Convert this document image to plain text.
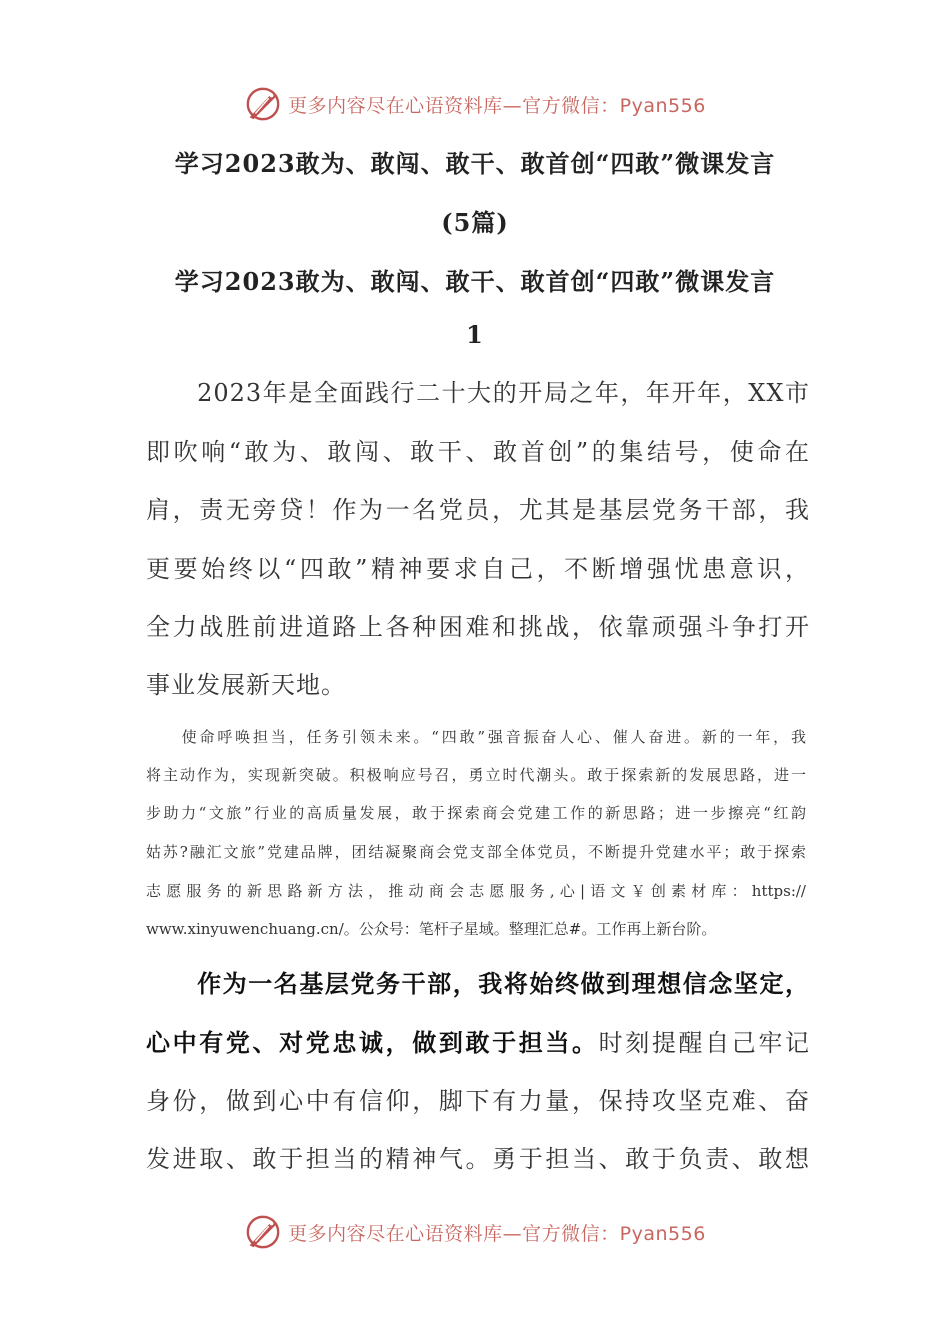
更多内容尽在心语资料库—官方微信：Pyan556
学习2023敢为、敢闯、敢干、敢首创“四敢”微课发言
(5篇)
学习2023敢为、敢闯、敢干、敢首创“四敢”微课发言
1
　　2023年是全面践行二十大的开局之年，年开年，XX市
即吹响“敢为、敢闯、敢干、敢首创”的集结号，使命在
肩，责无旁贷！作为一名党员，尤其是基层党务干部，我
更要始终以“四敢”精神要求自己，不断增强忧患意识，
全力战胜前进道路上各种困难和挑战，依靠顽强斗争打开
事业发展新天地。
　　使命呼唤担当，任务引领未来。“四敢”强音振奋人心、催人奋进。新的一年，我
将主动作为，实现新突破。积极响应号召，勇立时代潮头。敢于探索新的发展思路，进一
步助力“文旅”行业的高质量发展，敢于探索商会党建工作的新思路；进一步擦亮“红韵
姑苏?融汇文旅”党建品牌，团结凝聚商会党支部全体党员，不断提升党建水平；敢于探索
志愿服务的新思路新方法，推动商会志愿服务,心|语文￥创素材库：https://
www.xinyuwenchuang.cn/。公众号：笔杆子星域。整理汇总#。工作再上新台阶。
　　作为一名基层党务干部，我将始终做到理想信念坚定，
心中有党、对党忠诚，做到敢于担当。时刻提醒自己牢记
身份，做到心中有信仰，脚下有力量，保持攻坚克难、奋
发进取、敢于担当的精神气。勇于担当、敢于负责、敢想
更多内容尽在心语资料库—官方微信：Pyan556
